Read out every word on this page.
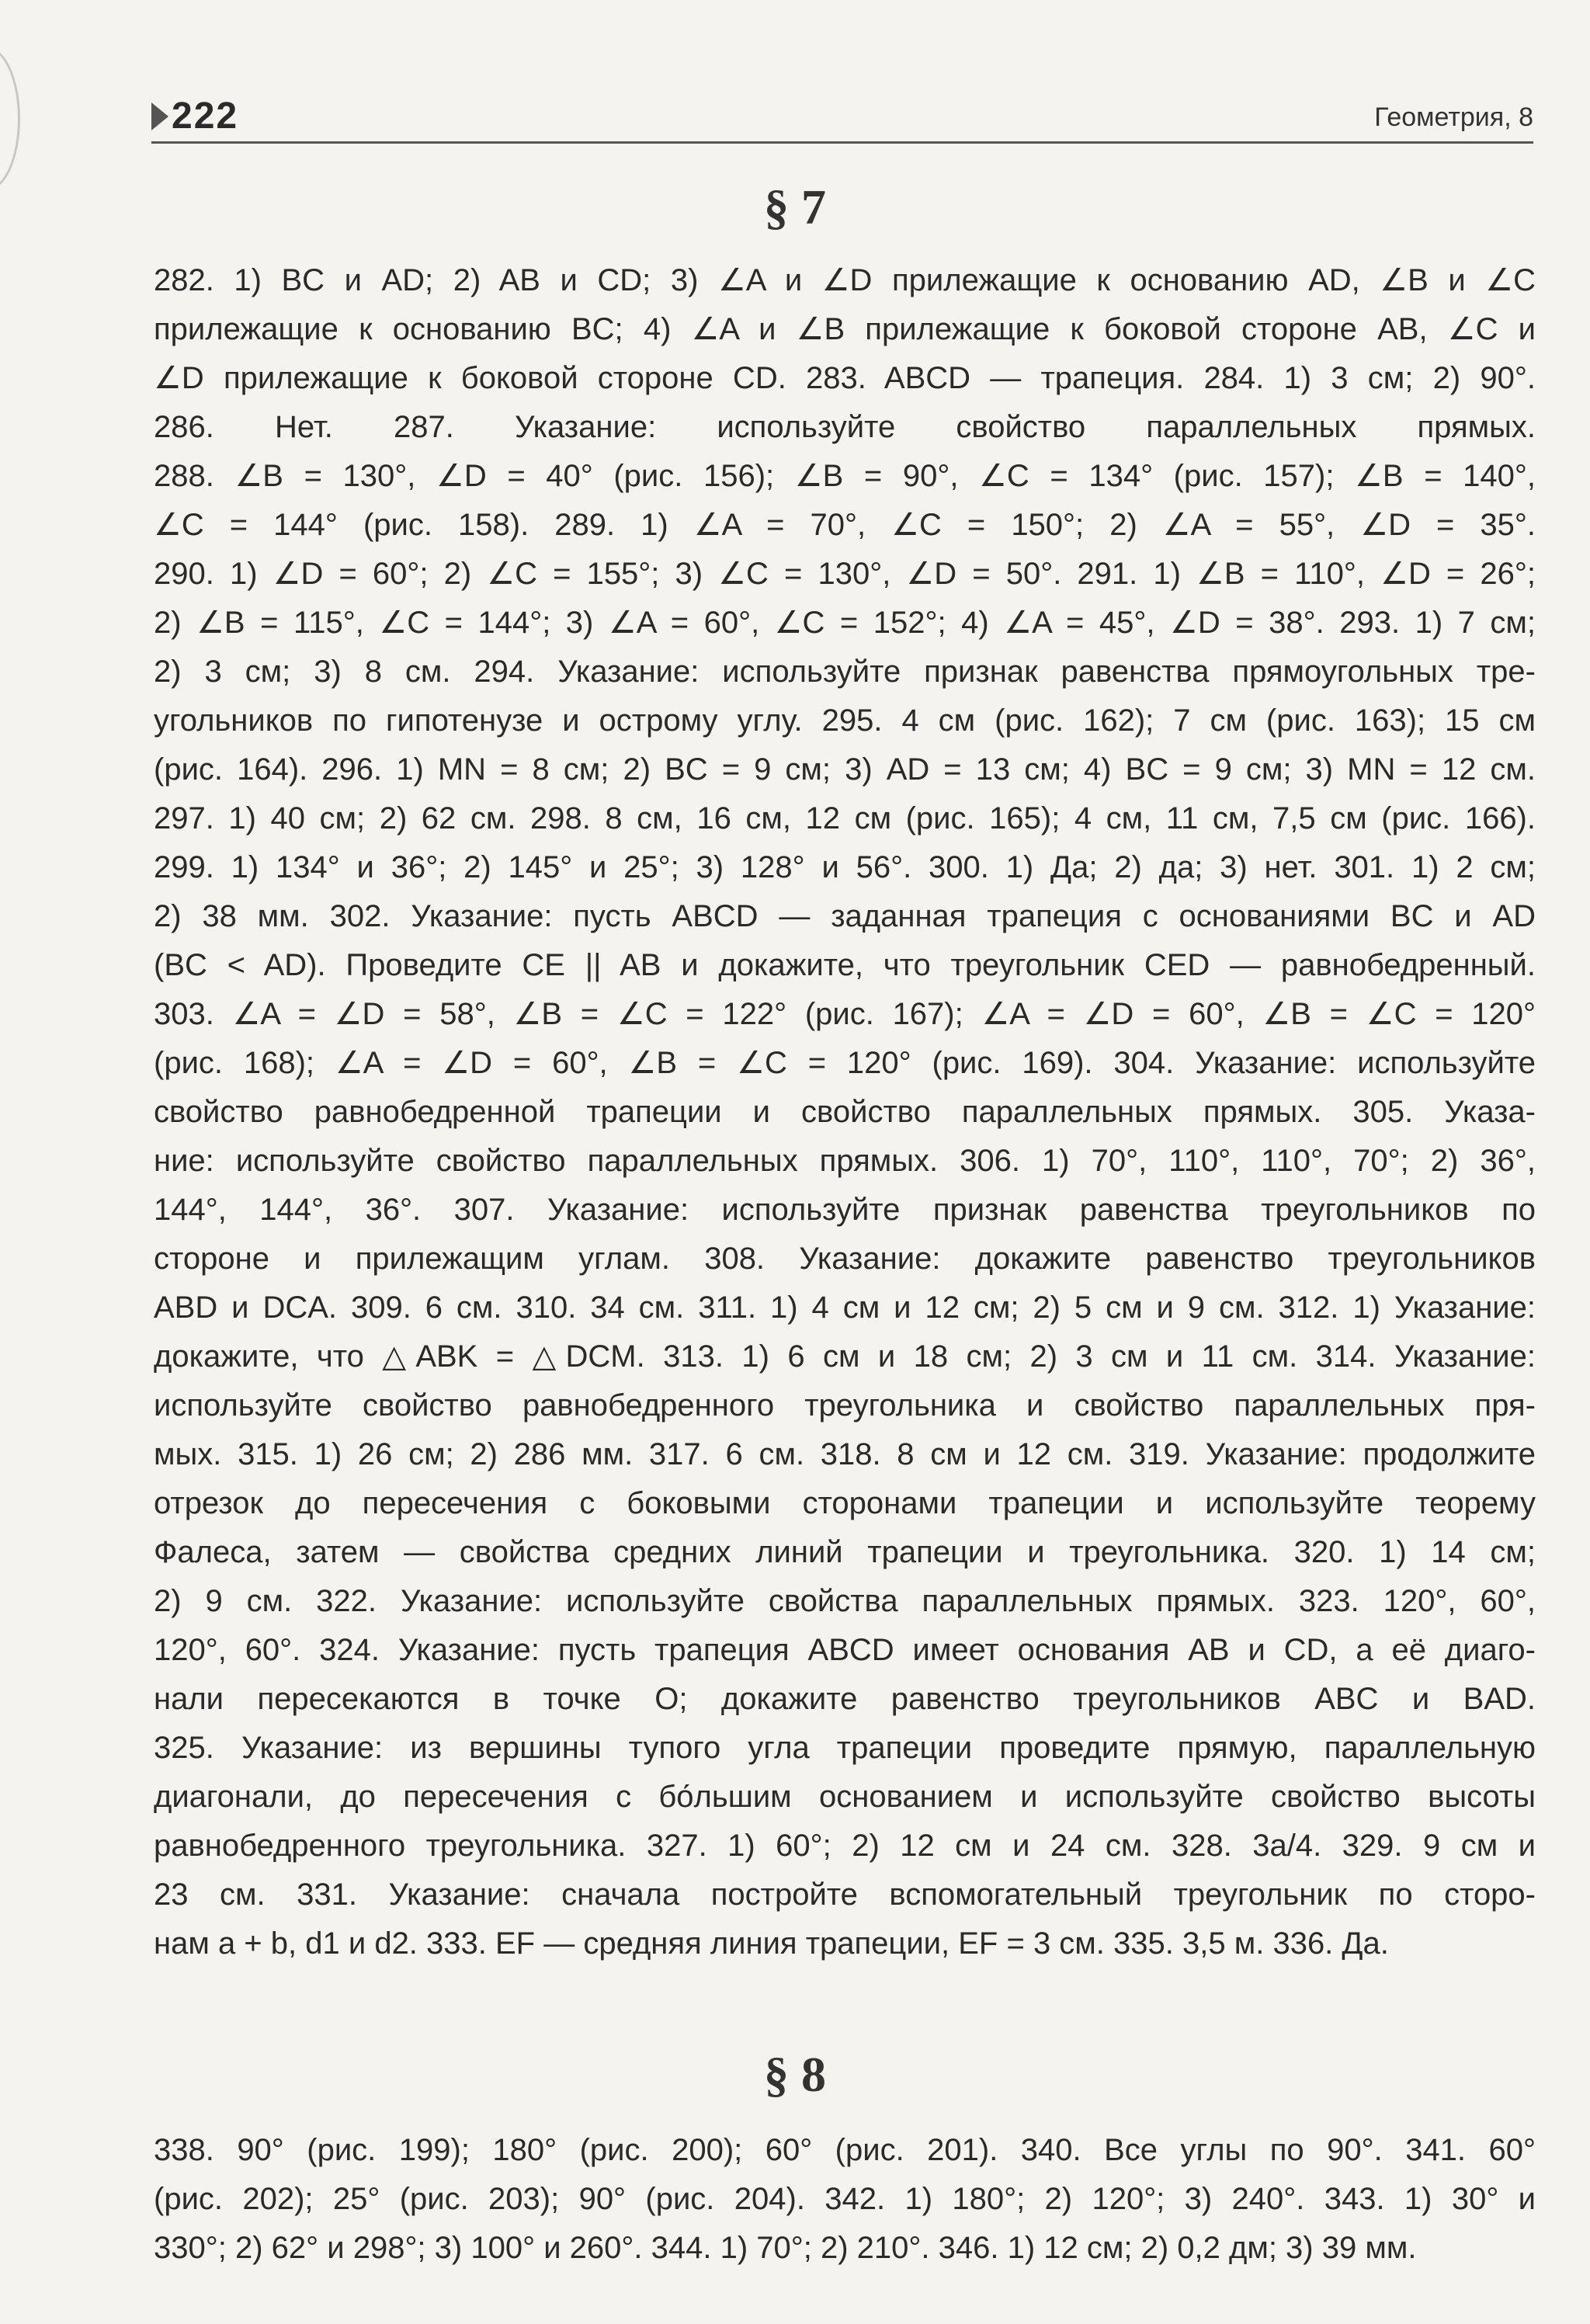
222	Геометрия, 8
§ 7
282. 1) BC и AD; 2) AB и CD; 3) ∠A и ∠D прилежащие к основанию AD, ∠B и ∠C
прилежащие к основанию BC; 4) ∠A и ∠B прилежащие к боковой стороне AB, ∠C и
∠D прилежащие к боковой стороне CD. 283. ABCD — трапеция. 284. 1) 3 см; 2) 90°.
286. Нет. 287. Указание: используйте свойство параллельных прямых.
288. ∠B = 130°, ∠D = 40° (рис. 156); ∠B = 90°, ∠C = 134° (рис. 157); ∠B = 140°,
∠C = 144° (рис. 158). 289. 1) ∠A = 70°, ∠C = 150°; 2) ∠A = 55°, ∠D = 35°.
290. 1) ∠D = 60°; 2) ∠C = 155°; 3) ∠C = 130°, ∠D = 50°. 291. 1) ∠B = 110°, ∠D = 26°;
2) ∠B = 115°, ∠C = 144°; 3) ∠A = 60°, ∠C = 152°; 4) ∠A = 45°, ∠D = 38°. 293. 1) 7 см;
2) 3 см; 3) 8 см. 294. Указание: используйте признак равенства прямоугольных тре-
угольников по гипотенузе и острому углу. 295. 4 см (рис. 162); 7 см (рис. 163); 15 см
(рис. 164). 296. 1) MN = 8 см; 2) BC = 9 см; 3) AD = 13 см; 4) BC = 9 см; 3) MN = 12 см.
297. 1) 40 см; 2) 62 см. 298. 8 см, 16 см, 12 см (рис. 165); 4 см, 11 см, 7,5 см (рис. 166).
299. 1) 134° и 36°; 2) 145° и 25°; 3) 128° и 56°. 300. 1) Да; 2) да; 3) нет. 301. 1) 2 см;
2) 38 мм. 302. Указание: пусть ABCD — заданная трапеция с основаниями BC и AD
(BC < AD). Проведите CE || AB и докажите, что треугольник CED — равнобедренный.
303. ∠A = ∠D = 58°, ∠B = ∠C = 122° (рис. 167); ∠A = ∠D = 60°, ∠B = ∠C = 120°
(рис. 168); ∠A = ∠D = 60°, ∠B = ∠C = 120° (рис. 169). 304. Указание: используйте
свойство равнобедренной трапеции и свойство параллельных прямых. 305. Указа-
ние: используйте свойство параллельных прямых. 306. 1) 70°, 110°, 110°, 70°; 2) 36°,
144°, 144°, 36°. 307. Указание: используйте признак равенства треугольников по
стороне и прилежащим углам. 308. Указание: докажите равенство треугольников
ABD и DCA. 309. 6 см. 310. 34 см. 311. 1) 4 см и 12 см; 2) 5 см и 9 см. 312. 1) Указание:
докажите, что △ABK = △DCM. 313. 1) 6 см и 18 см; 2) 3 см и 11 см. 314. Указание:
используйте свойство равнобедренного треугольника и свойство параллельных пря-
мых. 315. 1) 26 см; 2) 286 мм. 317. 6 см. 318. 8 см и 12 см. 319. Указание: продолжите
отрезок до пересечения с боковыми сторонами трапеции и используйте теорему
Фалеса, затем — свойства средних линий трапеции и треугольника. 320. 1) 14 см;
2) 9 см. 322. Указание: используйте свойства параллельных прямых. 323. 120°, 60°,
120°, 60°. 324. Указание: пусть трапеция ABCD имеет основания AB и CD, а её диаго-
нали пересекаются в точке O; докажите равенство треугольников ABC и BAD.
325. Указание: из вершины тупого угла трапеции проведите прямую, параллельную
диагонали, до пересечения с бо́льшим основанием и используйте свойство высоты
равнобедренного треугольника. 327. 1) 60°; 2) 12 см и 24 см. 328. 3a/4. 329. 9 см и
23 см. 331. Указание: сначала постройте вспомогательный треугольник по сторо-
нам a + b, d1 и d2. 333. EF — средняя линия трапеции, EF = 3 см. 335. 3,5 м. 336. Да.
§ 8
338. 90° (рис. 199); 180° (рис. 200); 60° (рис. 201). 340. Все углы по 90°. 341. 60°
(рис. 202); 25° (рис. 203); 90° (рис. 204). 342. 1) 180°; 2) 120°; 3) 240°. 343. 1) 30° и
330°; 2) 62° и 298°; 3) 100° и 260°. 344. 1) 70°; 2) 210°. 346. 1) 12 см; 2) 0,2 дм; 3) 39 мм.
